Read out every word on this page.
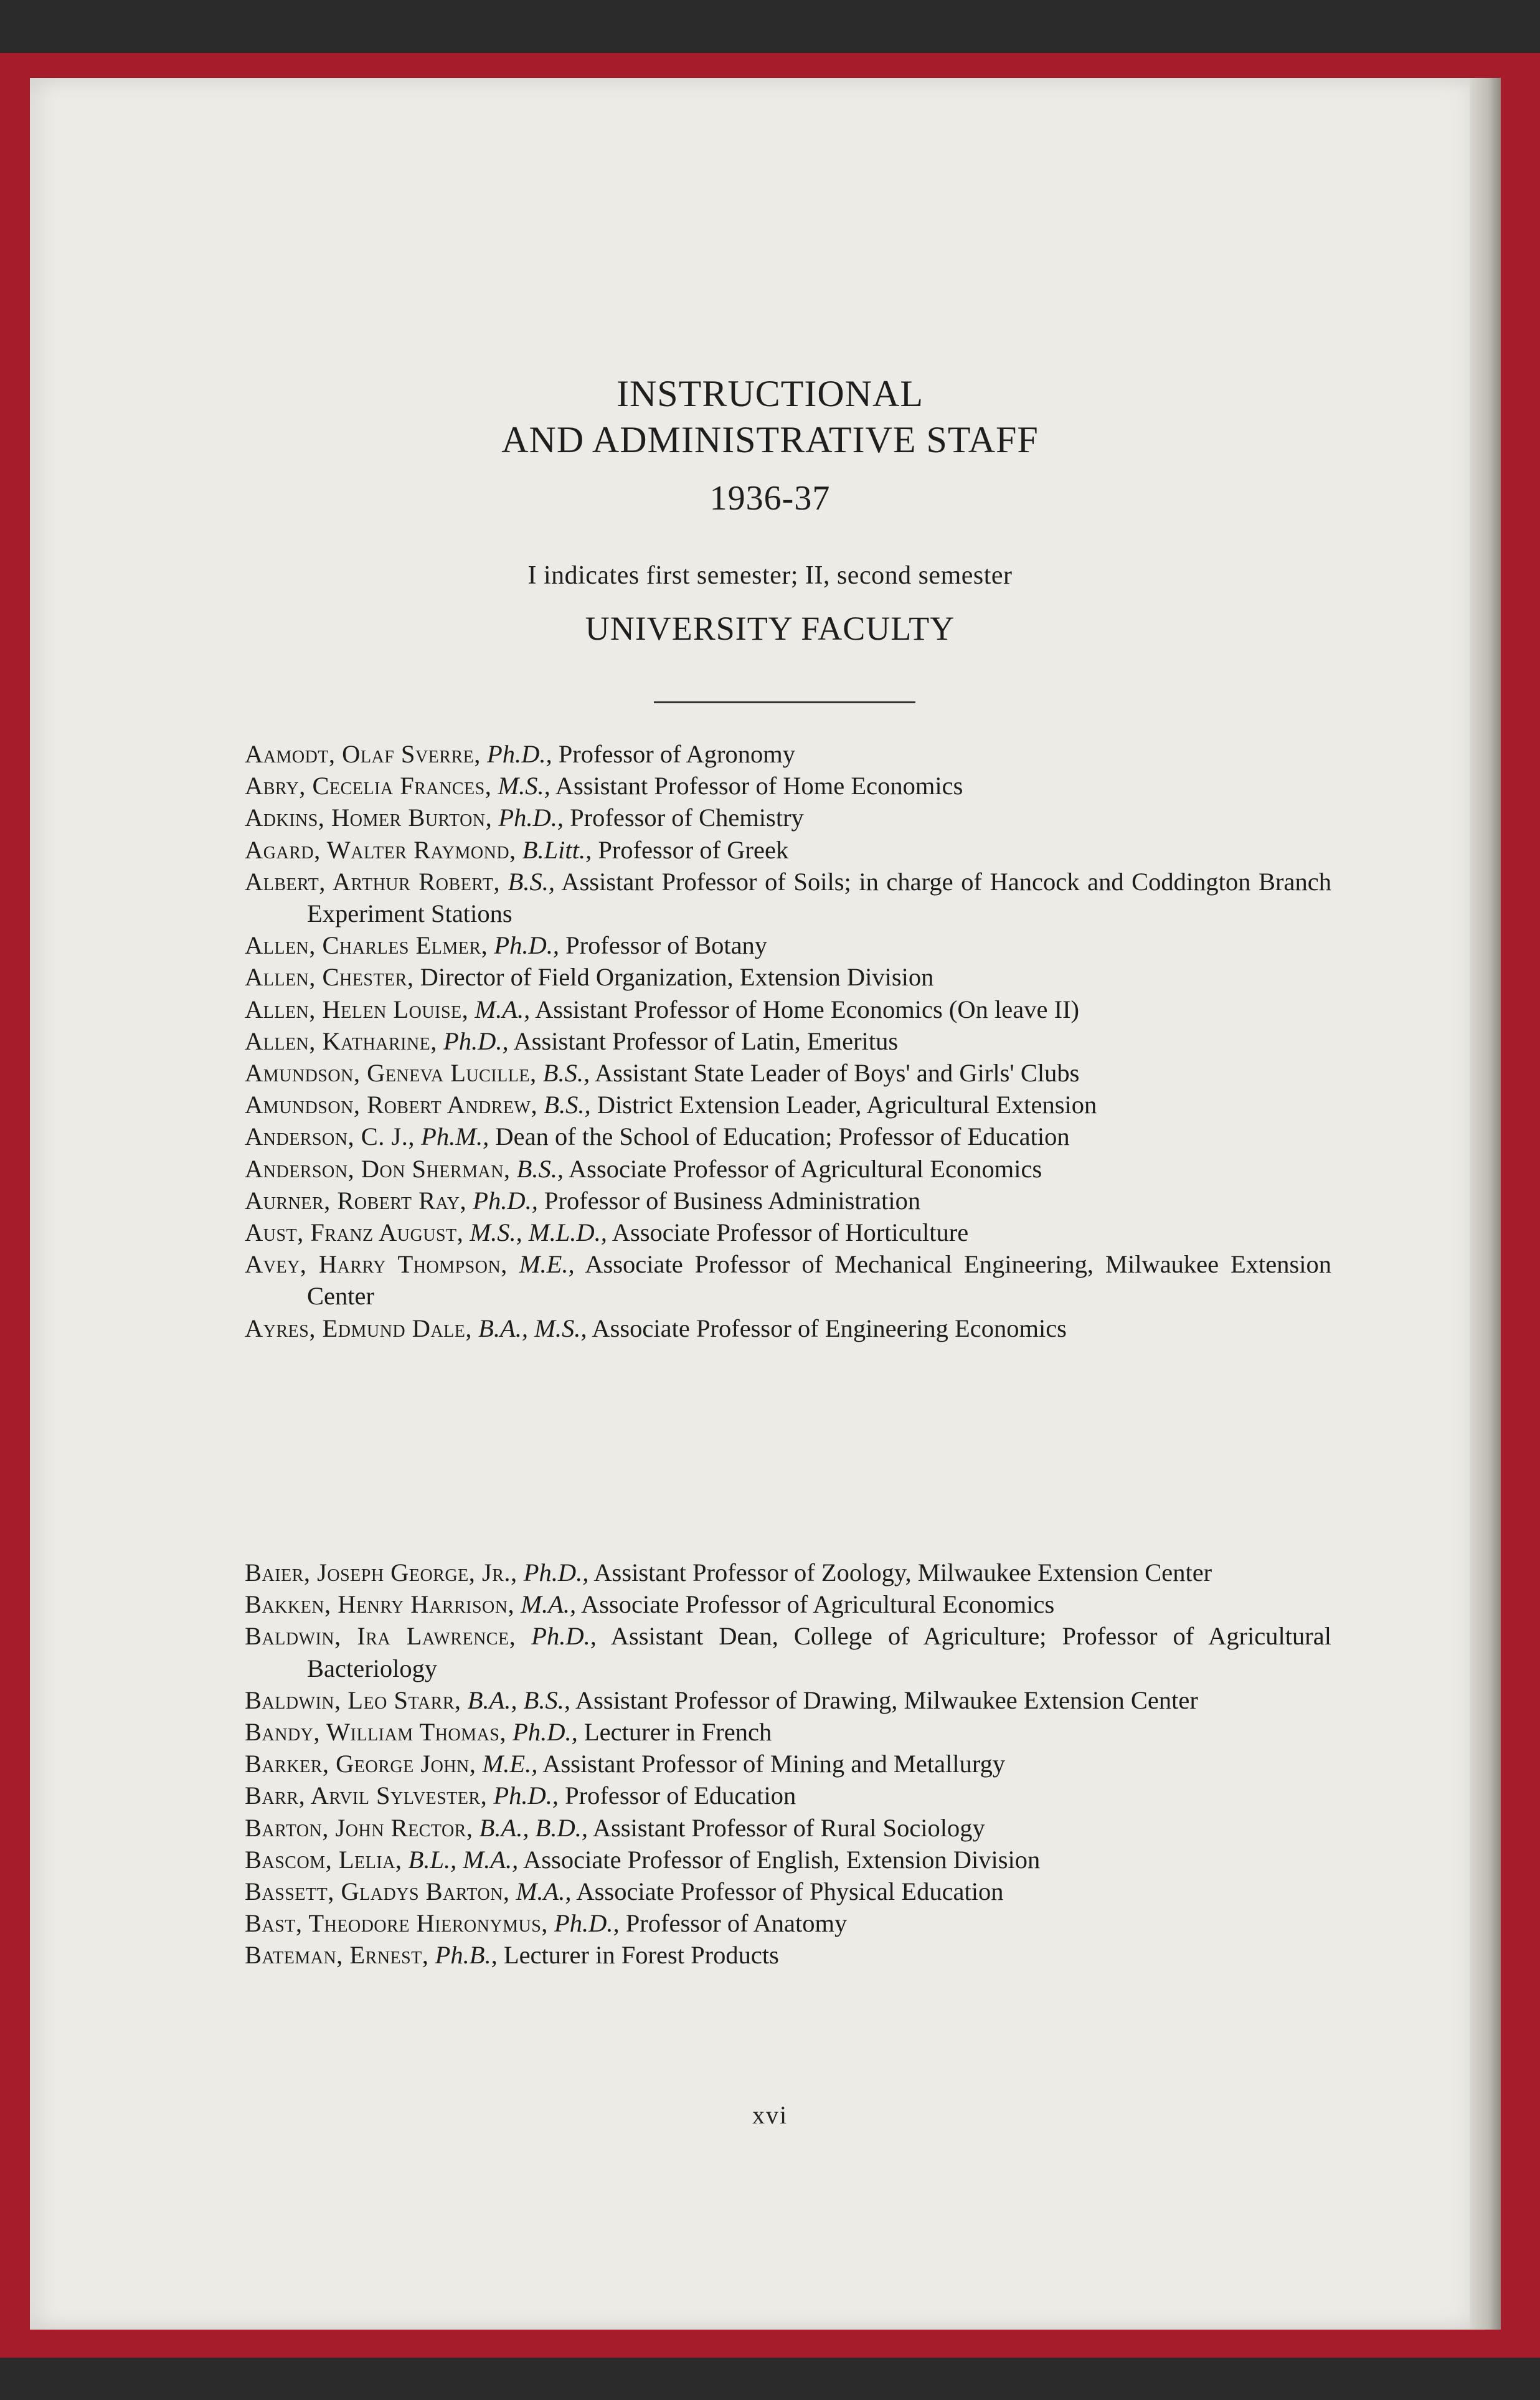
INSTRUCTIONAL
AND ADMINISTRATIVE STAFF
1936-37
I indicates first semester; II, second semester
UNIVERSITY FACULTY
Aamodt, Olaf Sverre, Ph.D., Professor of Agronomy
Abry, Cecelia Frances, M.S., Assistant Professor of Home Economics
Adkins, Homer Burton, Ph.D., Professor of Chemistry
Agard, Walter Raymond, B.Litt., Professor of Greek
Albert, Arthur Robert, B.S., Assistant Professor of Soils; in charge of Hancock and Coddington Branch Experiment Stations
Allen, Charles Elmer, Ph.D., Professor of Botany
Allen, Chester, Director of Field Organization, Extension Division
Allen, Helen Louise, M.A., Assistant Professor of Home Economics (On leave II)
Allen, Katharine, Ph.D., Assistant Professor of Latin, Emeritus
Amundson, Geneva Lucille, B.S., Assistant State Leader of Boys' and Girls' Clubs
Amundson, Robert Andrew, B.S., District Extension Leader, Agricultural Extension
Anderson, C. J., Ph.M., Dean of the School of Education; Professor of Education
Anderson, Don Sherman, B.S., Associate Professor of Agricultural Economics
Aurner, Robert Ray, Ph.D., Professor of Business Administration
Aust, Franz August, M.S., M.L.D., Associate Professor of Horticulture
Avey, Harry Thompson, M.E., Associate Professor of Mechanical Engineering, Milwaukee Extension Center
Ayres, Edmund Dale, B.A., M.S., Associate Professor of Engineering Economics
Baier, Joseph George, Jr., Ph.D., Assistant Professor of Zoology, Milwaukee Extension Center
Bakken, Henry Harrison, M.A., Associate Professor of Agricultural Economics
Baldwin, Ira Lawrence, Ph.D., Assistant Dean, College of Agriculture; Professor of Agricultural Bacteriology
Baldwin, Leo Starr, B.A., B.S., Assistant Professor of Drawing, Milwaukee Extension Center
Bandy, William Thomas, Ph.D., Lecturer in French
Barker, George John, M.E., Assistant Professor of Mining and Metallurgy
Barr, Arvil Sylvester, Ph.D., Professor of Education
Barton, John Rector, B.A., B.D., Assistant Professor of Rural Sociology
Bascom, Lelia, B.L., M.A., Associate Professor of English, Extension Division
Bassett, Gladys Barton, M.A., Associate Professor of Physical Education
Bast, Theodore Hieronymus, Ph.D., Professor of Anatomy
Bateman, Ernest, Ph.B., Lecturer in Forest Products
xvi
